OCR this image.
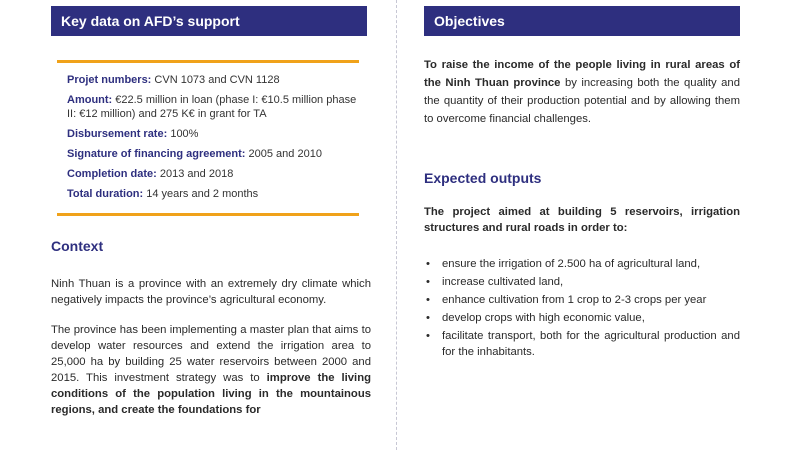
Key data on AFD’s support
Projet numbers: CVN 1073 and CVN 1128
Amount: €22.5 million in loan (phase I: €10.5 million phase II: €12 million) and 275 K€ in grant for TA
Disbursement rate: 100%
Signature of financing agreement: 2005 and 2010
Completion date: 2013 and 2018
Total duration: 14 years and 2 months
Context
Ninh Thuan is a province with an extremely dry climate which negatively impacts the province’s agricultural economy.
The province has been implementing a master plan that aims to develop water resources and extend the irrigation area to 25,000 ha by building 25 water reservoirs between 2000 and 2015. This investment strategy was to improve the living conditions of the population living in the mountainous regions, and create the foundations for
Objectives
To raise the income of the people living in rural areas of the Ninh Thuan province by increasing both the quality and the quantity of their production potential and by allowing them to overcome financial challenges.
Expected outputs
The project aimed at building 5 reservoirs, irrigation structures and rural roads in order to:
• ensure the irrigation of 2.500 ha of agricultural land,
• increase cultivated land,
• enhance cultivation from 1 crop to 2-3 crops per year
• develop crops with high economic value,
• facilitate transport, both for the agricultural production and for the inhabitants.
